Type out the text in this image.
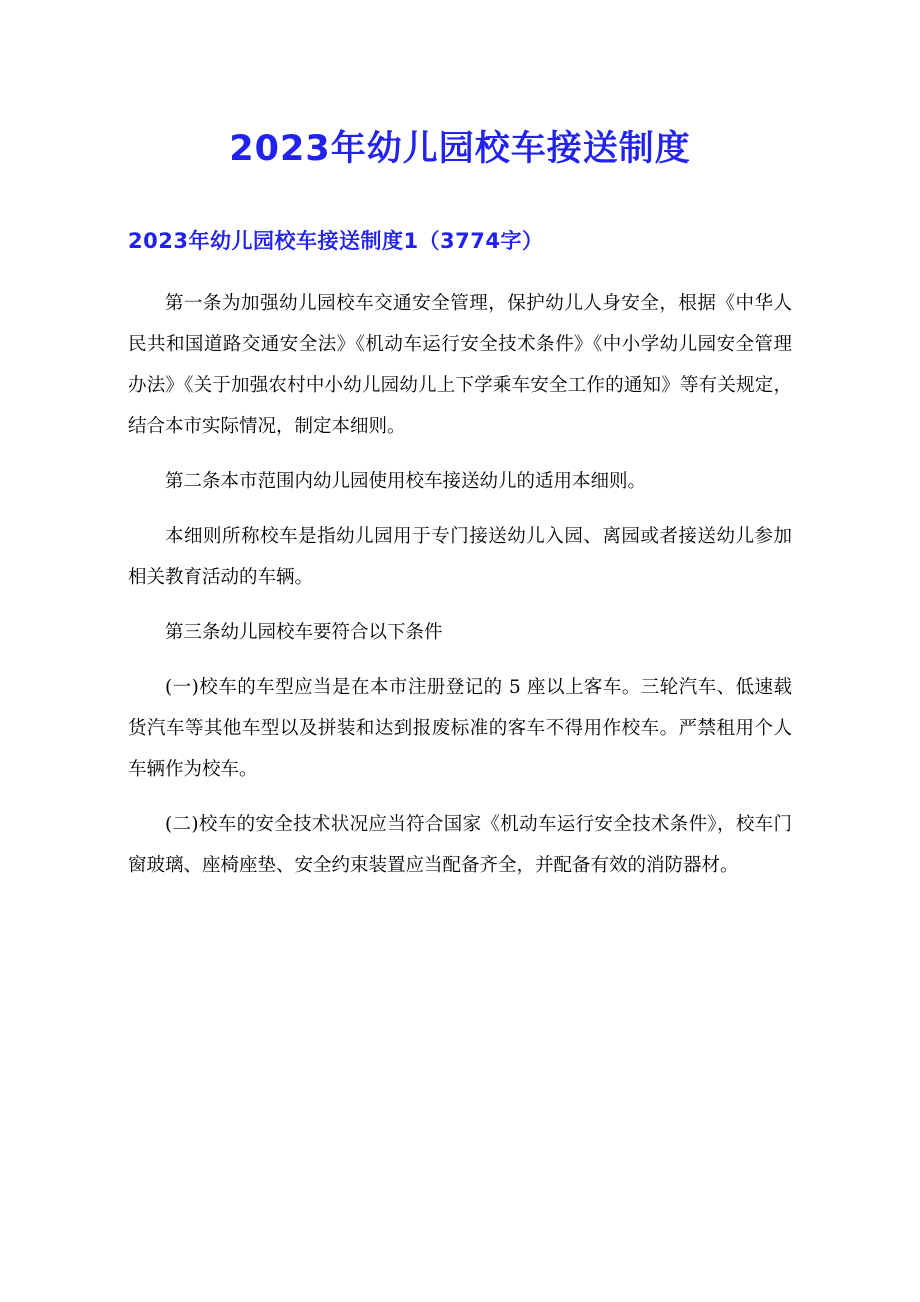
2023年幼儿园校车接送制度
2023年幼儿园校车接送制度1（3774字）

第一条为加强幼儿园校车交通安全管理，保护幼儿人身安全，根据《中华人民共和国道路交通安全法》《机动车运行安全技术条件》《中小学幼儿园安全管理办法》《关于加强农村中小幼儿园幼儿上下学乘车安全工作的通知》等有关规定，结合本市实际情况，制定本细则。

第二条本市范围内幼儿园使用校车接送幼儿的适用本细则。

本细则所称校车是指幼儿园用于专门接送幼儿入园、离园或者接送幼儿参加相关教育活动的车辆。

第三条幼儿园校车要符合以下条件

(一)校车的车型应当是在本市注册登记的 5 座以上客车。三轮汽车、低速载货汽车等其他车型以及拼装和达到报废标准的客车不得用作校车。严禁租用个人车辆作为校车。

(二)校车的安全技术状况应当符合国家《机动车运行安全技术条件》，校车门窗玻璃、座椅座垫、安全约束装置应当配备齐全，并配备有效的消防器材。
